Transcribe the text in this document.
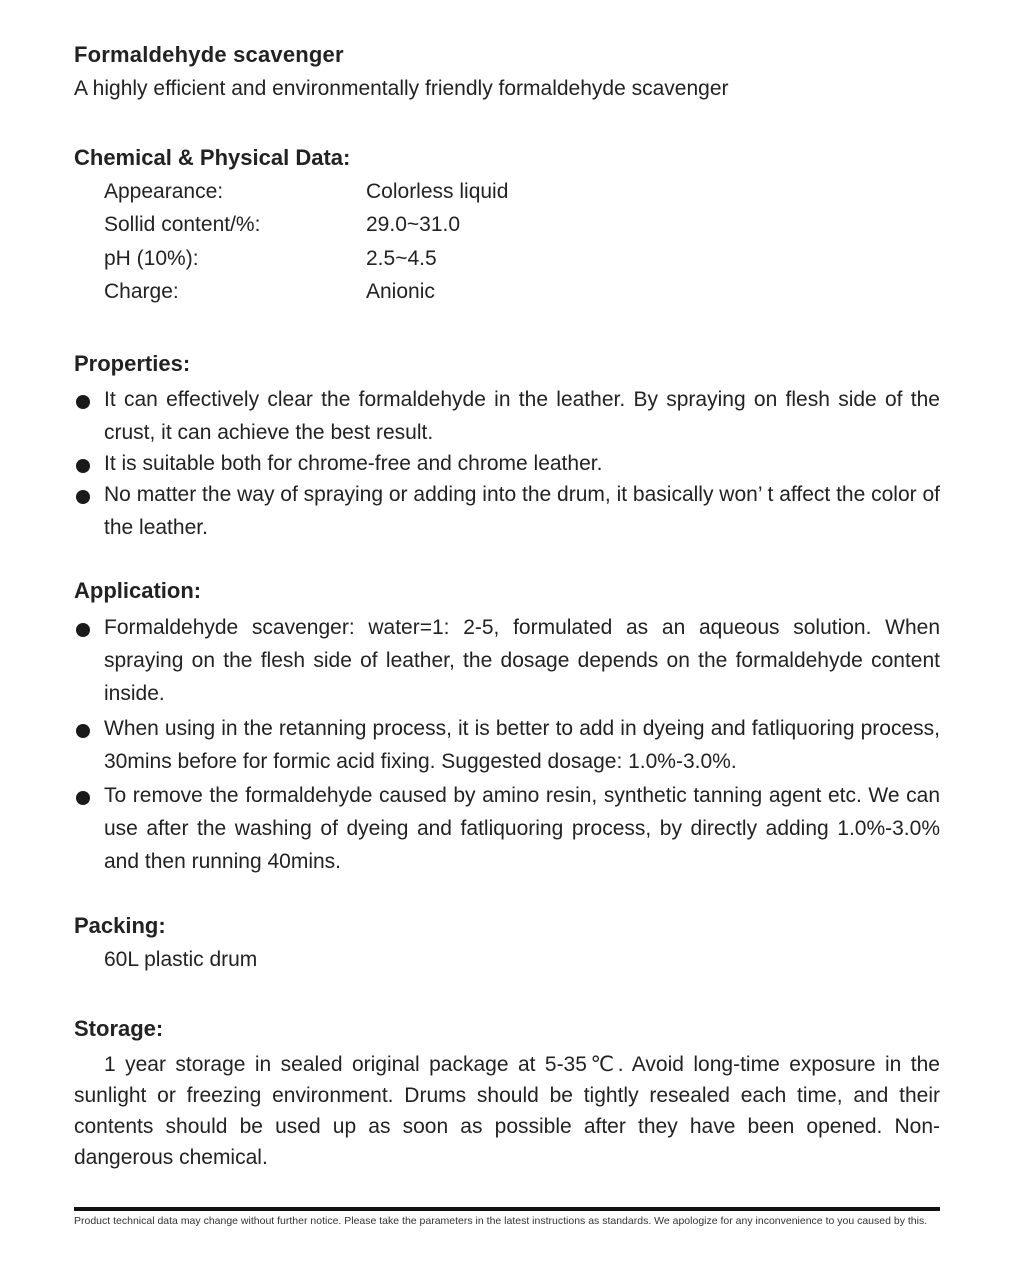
Formaldehyde scavenger
A highly efficient and environmentally friendly formaldehyde scavenger
Chemical & Physical Data:
Appearance:	Colorless liquid
Sollid content/%:	29.0~31.0
pH (10%):	2.5~4.5
Charge:	Anionic
Properties:
It can effectively clear the formaldehyde in the leather. By spraying on flesh side of the crust, it can achieve the best result.
It is suitable both for chrome-free and chrome leather.
No matter the way of spraying or adding into the drum, it basically won’ t affect the color of the leather.
Application:
Formaldehyde scavenger: water=1: 2-5, formulated as an aqueous solution. When spraying on the flesh side of leather, the dosage depends on the formaldehyde content inside.
When using in the retanning process, it is better to add in dyeing and fatliquoring process, 30mins before for formic acid fixing. Suggested dosage: 1.0%-3.0%.
To remove the formaldehyde caused by amino resin, synthetic tanning agent etc. We can use after the washing of dyeing and fatliquoring process, by directly adding 1.0%-3.0% and then running 40mins.
Packing:
60L plastic drum
Storage:
1 year storage in sealed original package at 5-35℃. Avoid long-time exposure in the sunlight or freezing environment. Drums should be tightly resealed each time, and their contents should be used up as soon as possible after they have been opened. Non-dangerous chemical.
Product technical data may change without further notice. Please take the parameters in the latest instructions as standards. We apologize for any inconvenience to you caused by this.
